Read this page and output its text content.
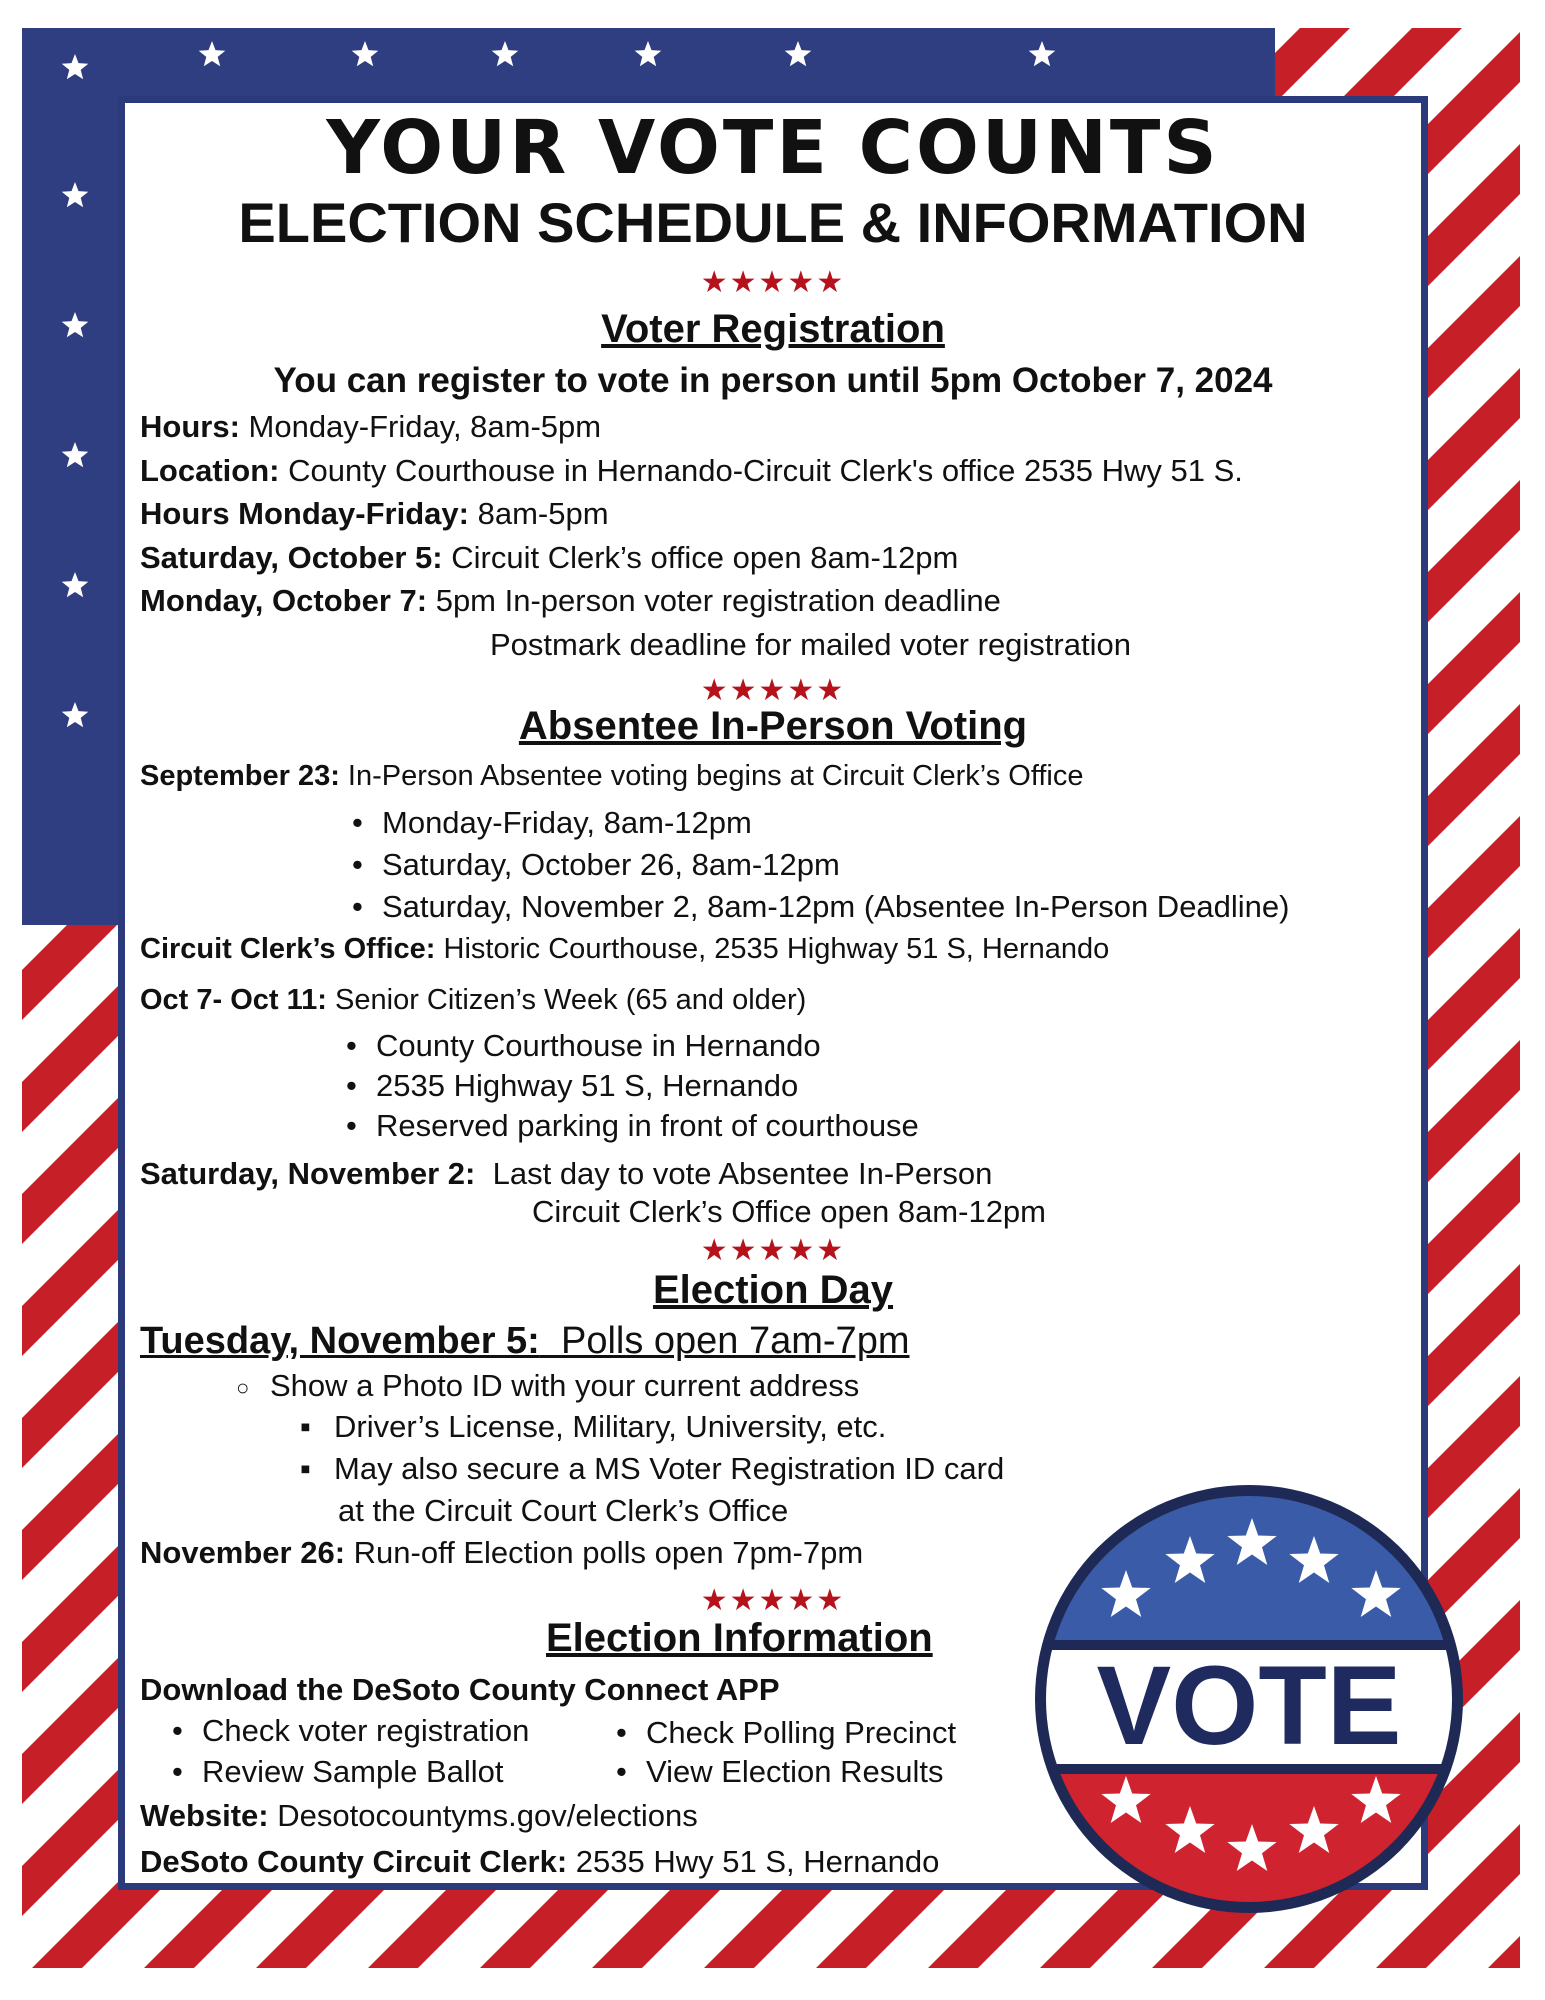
YOUR VOTE COUNTS
ELECTION SCHEDULE & INFORMATION
★★★★★
Voter Registration
You can register to vote in person until 5pm October 7, 2024
Hours: Monday-Friday, 8am-5pm
Location: County Courthouse in Hernando-Circuit Clerk's office 2535 Hwy 51 S.
Hours Monday-Friday: 8am-5pm
Saturday, October 5: Circuit Clerk’s office open 8am-12pm
Monday, October 7: 5pm In-person voter registration deadline
Postmark deadline for mailed voter registration
★★★★★
Absentee In-Person Voting
September 23: In-Person Absentee voting begins at Circuit Clerk’s Office
• Monday-Friday, 8am-12pm
• Saturday, October 26, 8am-12pm
• Saturday, November 2, 8am-12pm (Absentee In-Person Deadline)
Circuit Clerk’s Office: Historic Courthouse, 2535 Highway 51 S, Hernando
Oct 7- Oct 11: Senior Citizen’s Week (65 and older)
• County Courthouse in Hernando
• 2535 Highway 51 S, Hernando
• Reserved parking in front of courthouse
Saturday, November 2: Last day to vote Absentee In-Person
Circuit Clerk’s Office open 8am-12pm
★★★★★
Election Day
Tuesday, November 5: Polls open 7am-7pm
○ Show a Photo ID with your current address
▪ Driver’s License, Military, University, etc.
▪ May also secure a MS Voter Registration ID card
at the Circuit Court Clerk’s Office
November 26: Run-off Election polls open 7pm-7pm
★★★★★
Election Information
Download the DeSoto County Connect APP
• Check voter registration	• Check Polling Precinct
• Review Sample Ballot	• View Election Results
Website: Desotocountyms.gov/elections
DeSoto County Circuit Clerk: 2535 Hwy 51 S, Hernando
VOTE
